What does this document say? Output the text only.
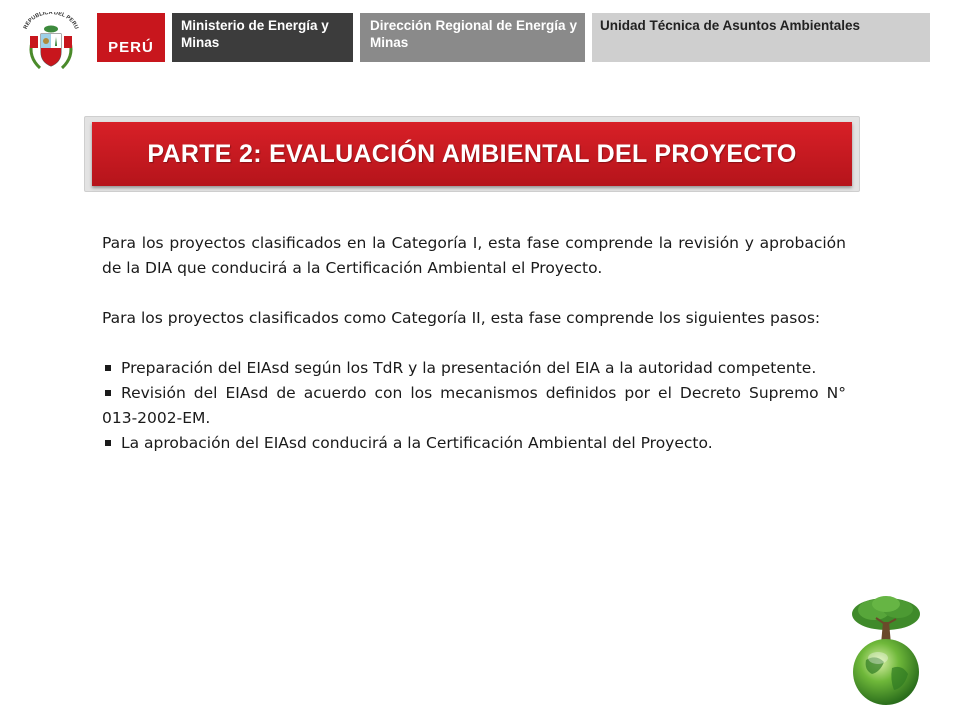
REPUBLICA DEL PERU
PERÚ
Ministerio de Energía y Minas
Dirección Regional de Energía y Minas
Unidad Técnica de Asuntos Ambientales
PARTE 2: EVALUACIÓN AMBIENTAL DEL PROYECTO

Para los proyectos clasificados en la Categoría I, esta fase comprende la revisión y aprobación de la DIA que conducirá a la Certificación Ambiental el Proyecto.

Para los proyectos clasificados como Categoría II, esta fase comprende los siguientes pasos:

Preparación del EIAsd según los TdR y la presentación del EIA a la autoridad competente.

Revisión del EIAsd de acuerdo con los mecanismos definidos por el Decreto Supremo N° 013-2002-EM.

La aprobación del EIAsd conducirá a la Certificación Ambiental del Proyecto.
